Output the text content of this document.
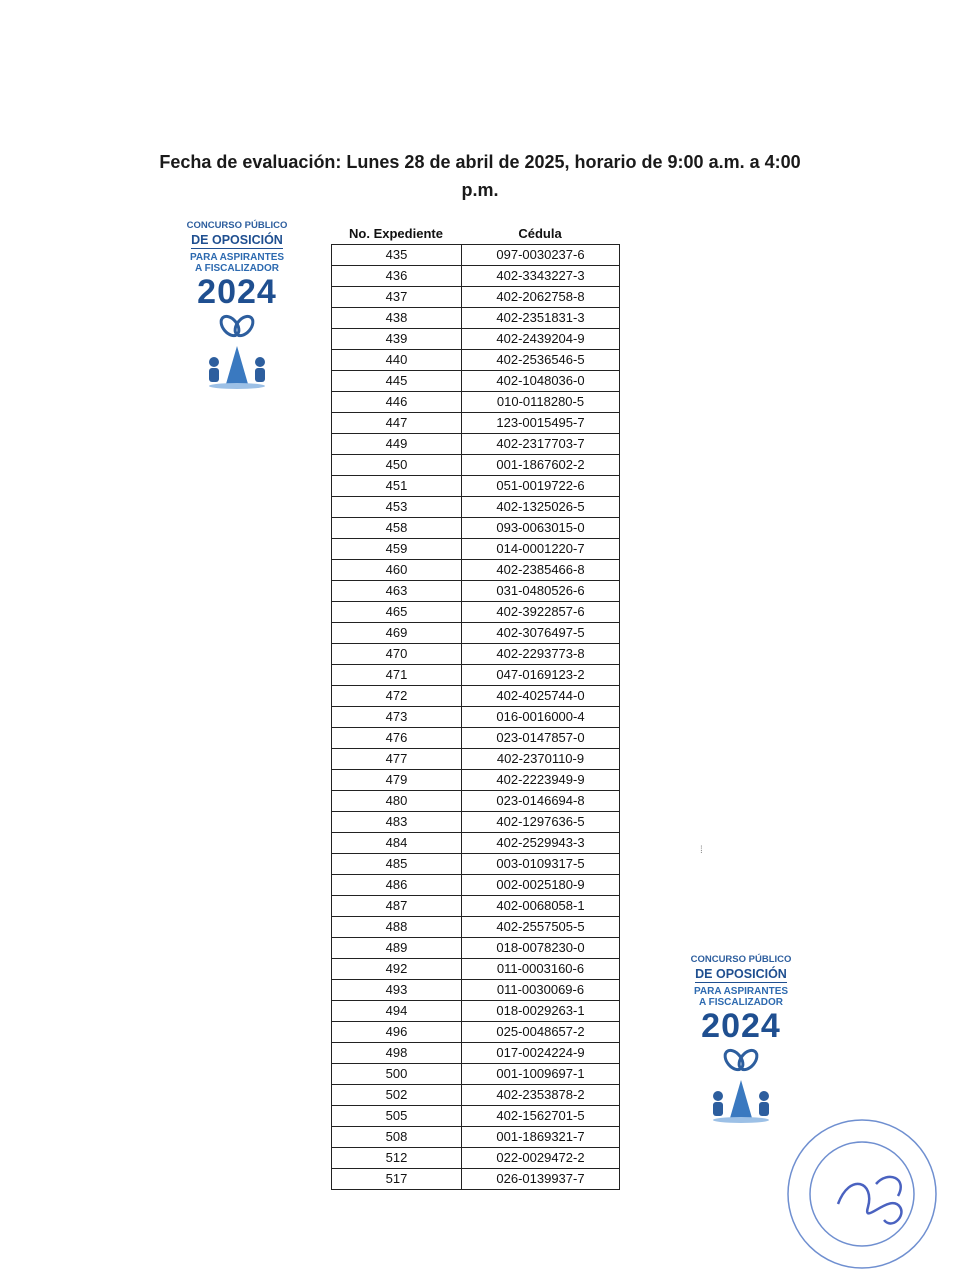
Fecha de evaluación: Lunes 28 de abril de 2025, horario de 9:00 a.m. a 4:00 p.m.
CONCURSO PÚBLICO
DE OPOSICIÓN
PARA ASPIRANTES
A FISCALIZADOR
2024
No. Expediente	Cédula
435	097-0030237-6
436	402-3343227-3
437	402-2062758-8
438	402-2351831-3
439	402-2439204-9
440	402-2536546-5
445	402-1048036-0
446	010-0118280-5
447	123-0015495-7
449	402-2317703-7
450	001-1867602-2
451	051-0019722-6
453	402-1325026-5
458	093-0063015-0
459	014-0001220-7
460	402-2385466-8
463	031-0480526-6
465	402-3922857-6
469	402-3076497-5
470	402-2293773-8
471	047-0169123-2
472	402-4025744-0
473	016-0016000-4
476	023-0147857-0
477	402-2370110-9
479	402-2223949-9
480	023-0146694-8
483	402-1297636-5
484	402-2529943-3
485	003-0109317-5
486	002-0025180-9
487	402-0068058-1
488	402-2557505-5
489	018-0078230-0
492	011-0003160-6
493	011-0030069-6
494	018-0029263-1
496	025-0048657-2
498	017-0024224-9
500	001-1009697-1
502	402-2353878-2
505	402-1562701-5
508	001-1869321-7
512	022-0029472-2
517	026-0139937-7
⁞
CONCURSO PÚBLICO
DE OPOSICIÓN
PARA ASPIRANTES
A FISCALIZADOR
2024
